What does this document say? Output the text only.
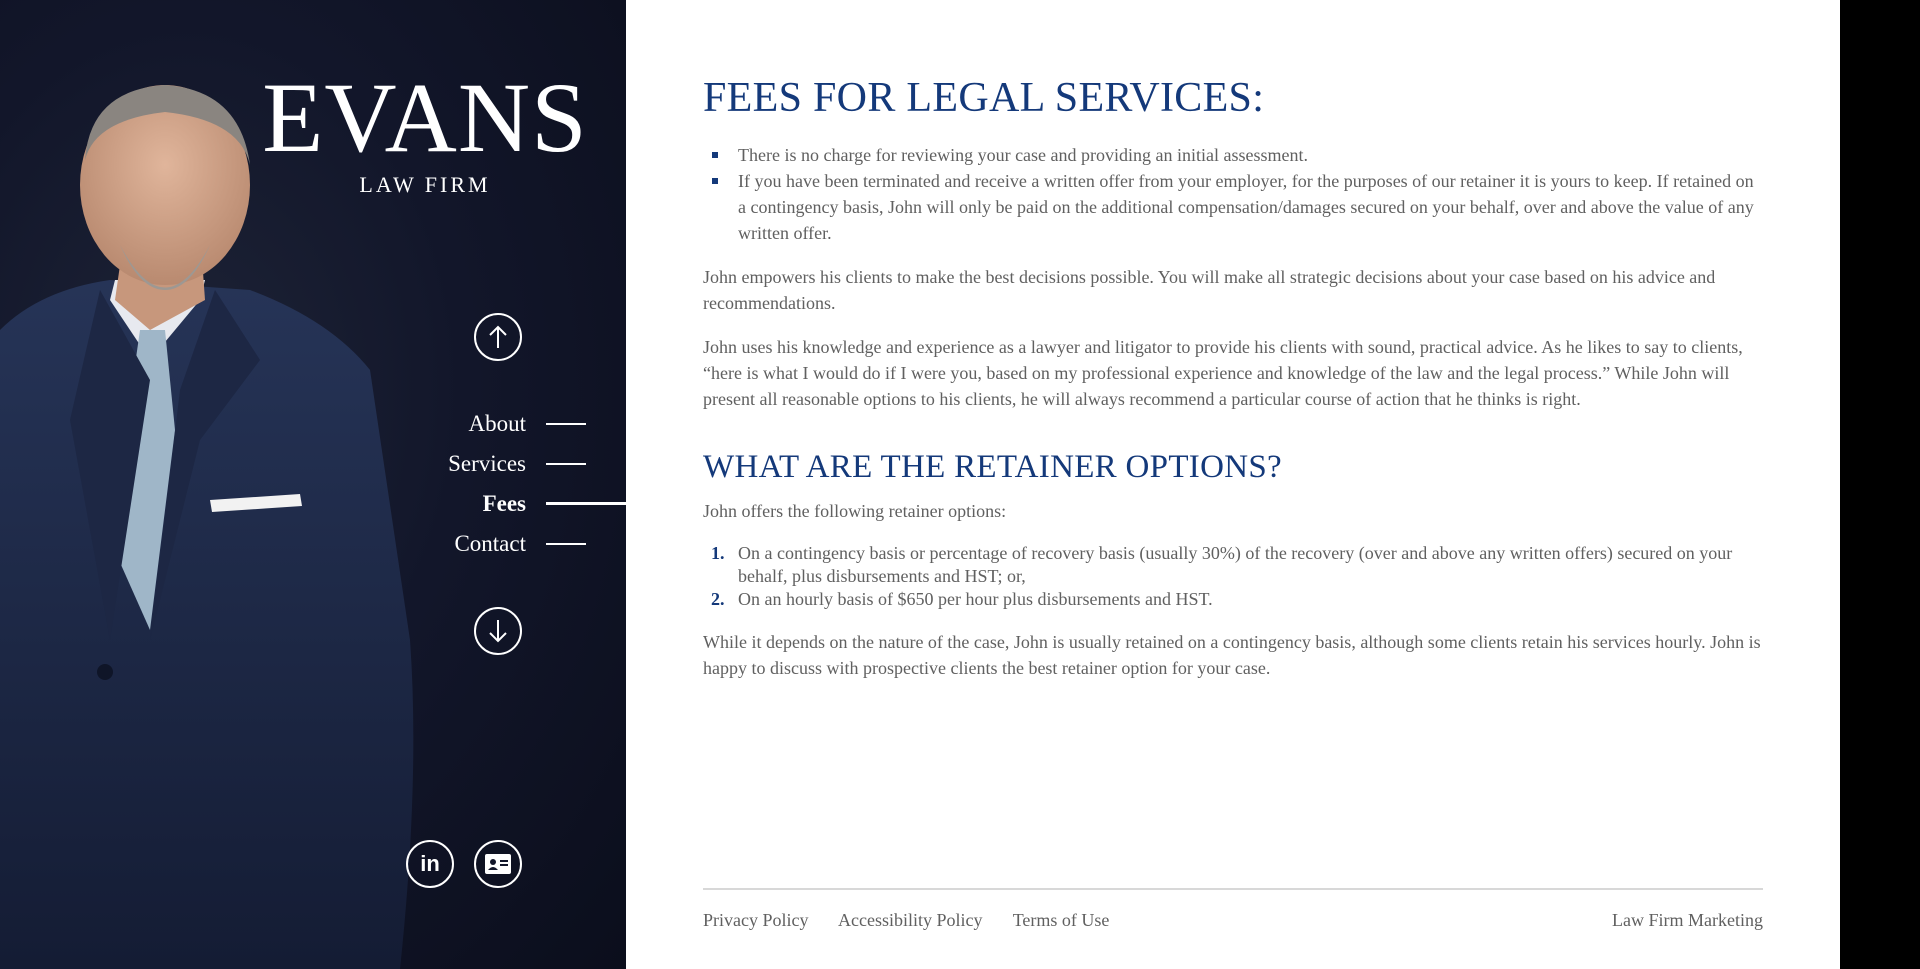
EVANS
LAW FIRM
About
Services
Fees
Contact
in
FEES FOR LEGAL SERVICES:
There is no charge for reviewing your case and providing an initial assessment.
If you have been terminated and receive a written offer from your employer, for the purposes of our retainer it is yours to keep. If retained on a contingency basis, John will only be paid on the additional compensation/damages secured on your behalf, over and above the value of any written offer.

John empowers his clients to make the best decisions possible. You will make all strategic decisions about your case based on his advice and recommendations.

John uses his knowledge and experience as a lawyer and litigator to provide his clients with sound, practical advice. As he likes to say to clients, “here is what I would do if I were you, based on my professional experience and knowledge of the law and the legal process.” While John will present all reasonable options to his clients, he will always recommend a particular course of action that he thinks is right.

WHAT ARE THE RETAINER OPTIONS?

John offers the following retainer options:

1. On a contingency basis or percentage of recovery basis (usually 30%) of the recovery (over and above any written offers) secured on your behalf, plus disbursements and HST; or,
2. On an hourly basis of $650 per hour plus disbursements and HST.

While it depends on the nature of the case, John is usually retained on a contingency basis, although some clients retain his services hourly. John is happy to discuss with prospective clients the best retainer option for your case.

Privacy Policy Accessibility Policy Terms of Use	Law Firm Marketing
